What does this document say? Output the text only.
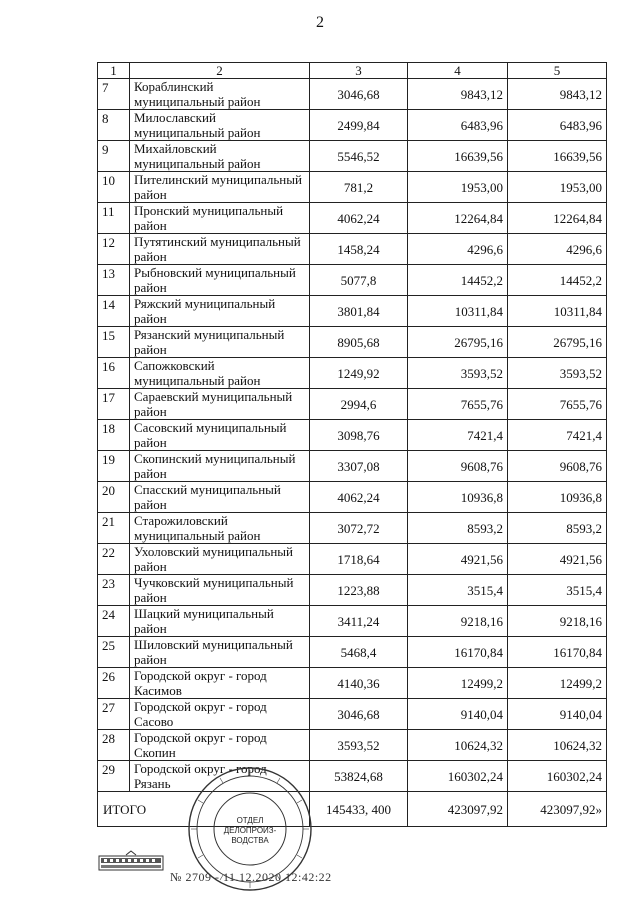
2
1	2	3	4	5
7	Кораблинский муниципальный район	3046,68	9843,12	9843,12
8	Милославский муниципальный район	2499,84	6483,96	6483,96
9	Михайловский муниципальный район	5546,52	16639,56	16639,56
10	Пителинский муниципальный район	781,2	1953,00	1953,00
11	Пронский муниципальный район	4062,24	12264,84	12264,84
12	Путятинский муниципальный район	1458,24	4296,6	4296,6
13	Рыбновский муниципальный район	5077,8	14452,2	14452,2
14	Ряжский муниципальный район	3801,84	10311,84	10311,84
15	Рязанский муниципальный район	8905,68	26795,16	26795,16
16	Сапожковский муниципальный район	1249,92	3593,52	3593,52
17	Сараевский муниципальный район	2994,6	7655,76	7655,76
18	Сасовский муниципальный район	3098,76	7421,4	7421,4
19	Скопинский муниципальный район	3307,08	9608,76	9608,76
20	Спасский муниципальный район	4062,24	10936,8	10936,8
21	Старожиловский муниципальный район	3072,72	8593,2	8593,2
22	Ухоловский муниципальный район	1718,64	4921,56	4921,56
23	Чучковский муниципальный район	1223,88	3515,4	3515,4
24	Шацкий муниципальный район	3411,24	9218,16	9218,16
25	Шиловский муниципальный район	5468,4	16170,84	16170,84
26	Городской округ - город Касимов	4140,36	12499,2	12499,2
27	Городской округ - город Сасово	3046,68	9140,04	9140,04
28	Городской округ - город Скопин	3593,52	10624,32	10624,32
29	Городской округ - город Рязань	53824,68	160302,24	160302,24
ИТОГО		145433, 400	423097,92	423097,92»
ОТДЕЛ
ДЕЛОПРОИЗ-
ВОДСТВА
№ 2709 - 11.12.2020 12:42:22
